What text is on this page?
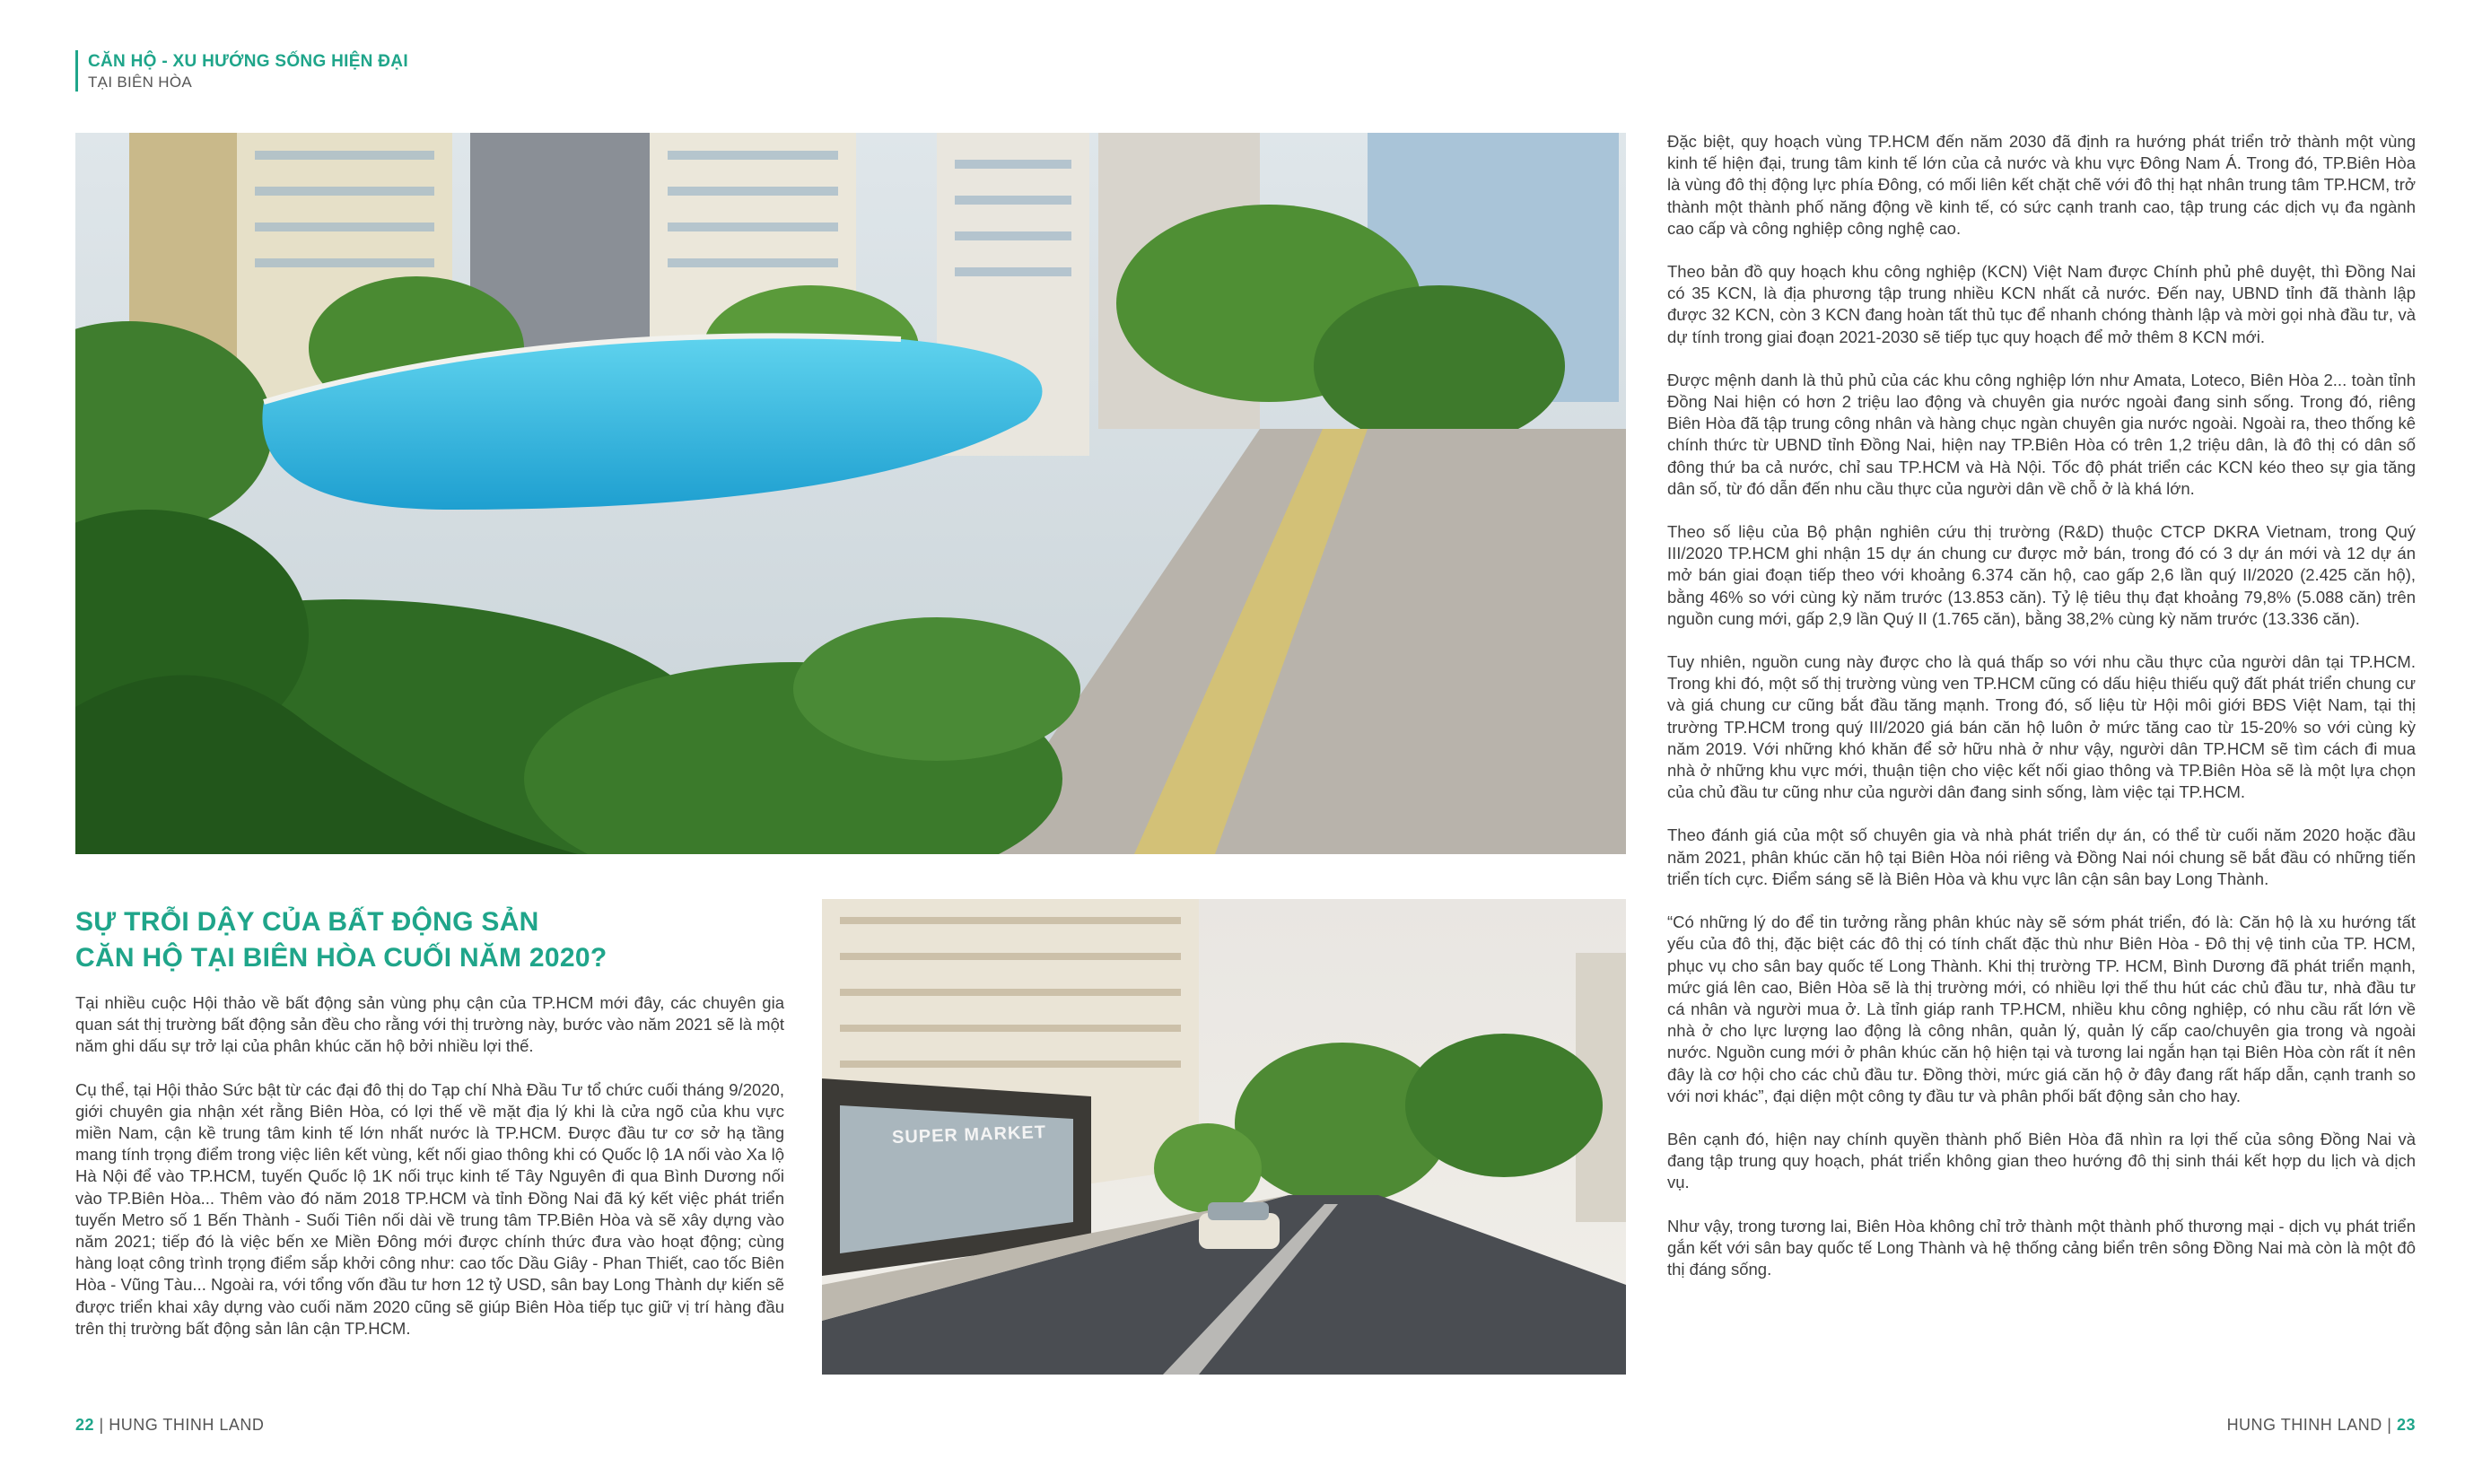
CĂN HỘ - XU HƯỚNG SỐNG HIỆN ĐẠI
TẠI BIÊN HÒA
SUPER MARKET
SỰ TRỖI DẬY CỦA BẤT ĐỘNG SẢN
CĂN HỘ TẠI BIÊN HÒA CUỐI NĂM 2020?

Tại nhiều cuộc Hội thảo về bất động sản vùng phụ cận của TP.HCM mới đây, các chuyên gia quan sát thị trường bất động sản đều cho rằng với thị trường này, bước vào năm 2021 sẽ là một năm ghi dấu sự trở lại của phân khúc căn hộ bởi nhiều lợi thế.

Cụ thể, tại Hội thảo Sức bật từ các đại đô thị do Tạp chí Nhà Đầu Tư tổ chức cuối tháng 9/2020, giới chuyên gia nhận xét rằng Biên Hòa, có lợi thế về mặt địa lý khi là cửa ngõ của khu vực miền Nam, cận kề trung tâm kinh tế lớn nhất nước là TP.HCM. Được đầu tư cơ sở hạ tầng mang tính trọng điểm trong việc liên kết vùng, kết nối giao thông khi có Quốc lộ 1A nối vào Xa lộ Hà Nội để vào TP.HCM, tuyến Quốc lộ 1K nối trục kinh tế Tây Nguyên đi qua Bình Dương nối vào TP.Biên Hòa... Thêm vào đó năm 2018 TP.HCM và tỉnh Đồng Nai đã ký kết việc phát triển tuyến Metro số 1 Bến Thành - Suối Tiên nối dài về trung tâm TP.Biên Hòa và sẽ xây dựng vào năm 2021; tiếp đó là việc bến xe Miền Đông mới được chính thức đưa vào hoạt động; cùng hàng loạt công trình trọng điểm sắp khởi công như: cao tốc Dầu Giây - Phan Thiết, cao tốc Biên Hòa - Vũng Tàu... Ngoài ra, với tổng vốn đầu tư hơn 12 tỷ USD, sân bay Long Thành dự kiến sẽ được triển khai xây dựng vào cuối năm 2020 cũng sẽ giúp Biên Hòa tiếp tục giữ vị trí hàng đầu trên thị trường bất động sản lân cận TP.HCM.

Đặc biệt, quy hoạch vùng TP.HCM đến năm 2030 đã định ra hướng phát triển trở thành một vùng kinh tế hiện đại, trung tâm kinh tế lớn của cả nước và khu vực Đông Nam Á. Trong đó, TP.Biên Hòa là vùng đô thị động lực phía Đông, có mối liên kết chặt chẽ với đô thị hạt nhân trung tâm TP.HCM, trở thành một thành phố năng động về kinh tế, có sức cạnh tranh cao, tập trung các dịch vụ đa ngành cao cấp và công nghiệp công nghệ cao.

Theo bản đồ quy hoạch khu công nghiệp (KCN) Việt Nam được Chính phủ phê duyệt, thì Đồng Nai có 35 KCN, là địa phương tập trung nhiều KCN nhất cả nước. Đến nay, UBND tỉnh đã thành lập được 32 KCN, còn 3 KCN đang hoàn tất thủ tục để nhanh chóng thành lập và mời gọi nhà đầu tư, và dự tính trong giai đoạn 2021-2030 sẽ tiếp tục quy hoạch để mở thêm 8 KCN mới.

Được mệnh danh là thủ phủ của các khu công nghiệp lớn như Amata, Loteco, Biên Hòa 2... toàn tỉnh Đồng Nai hiện có hơn 2 triệu lao động và chuyên gia nước ngoài đang sinh sống. Trong đó, riêng Biên Hòa đã tập trung công nhân và hàng chục ngàn chuyên gia nước ngoài. Ngoài ra, theo thống kê chính thức từ UBND tỉnh Đồng Nai, hiện nay TP.Biên Hòa có trên 1,2 triệu dân, là đô thị có dân số đông thứ ba cả nước, chỉ sau TP.HCM và Hà Nội. Tốc độ phát triển các KCN kéo theo sự gia tăng dân số, từ đó dẫn đến nhu cầu thực của người dân về chỗ ở là khá lớn.

Theo số liệu của Bộ phận nghiên cứu thị trường (R&D) thuộc CTCP DKRA Vietnam, trong Quý III/2020 TP.HCM ghi nhận 15 dự án chung cư được mở bán, trong đó có 3 dự án mới và 12 dự án mở bán giai đoạn tiếp theo với khoảng 6.374 căn hộ, cao gấp 2,6 lần quý II/2020 (2.425 căn hộ), bằng 46% so với cùng kỳ năm trước (13.853 căn). Tỷ lệ tiêu thụ đạt khoảng 79,8% (5.088 căn) trên nguồn cung mới, gấp 2,9 lần Quý II (1.765 căn), bằng 38,2% cùng kỳ năm trước (13.336 căn).

Tuy nhiên, nguồn cung này được cho là quá thấp so với nhu cầu thực của người dân tại TP.HCM. Trong khi đó, một số thị trường vùng ven TP.HCM cũng có dấu hiệu thiếu quỹ đất phát triển chung cư và giá chung cư cũng bắt đầu tăng mạnh. Trong đó, số liệu từ Hội môi giới BĐS Việt Nam, tại thị trường TP.HCM trong quý III/2020 giá bán căn hộ luôn ở mức tăng cao từ 15-20% so với cùng kỳ năm 2019. Với những khó khăn để sở hữu nhà ở như vậy, người dân TP.HCM sẽ tìm cách đi mua nhà ở những khu vực mới, thuận tiện cho việc kết nối giao thông và TP.Biên Hòa sẽ là một lựa chọn của chủ đầu tư cũng như của người dân đang sinh sống, làm việc tại TP.HCM.

Theo đánh giá của một số chuyên gia và nhà phát triển dự án, có thể từ cuối năm 2020 hoặc đầu năm 2021, phân khúc căn hộ tại Biên Hòa nói riêng và Đồng Nai nói chung sẽ bắt đầu có những tiến triển tích cực. Điểm sáng sẽ là Biên Hòa và khu vực lân cận sân bay Long Thành.

“Có những lý do để tin tưởng rằng phân khúc này sẽ sớm phát triển, đó là: Căn hộ là xu hướng tất yếu của đô thị, đặc biệt các đô thị có tính chất đặc thù như Biên Hòa - Đô thị vệ tinh của TP. HCM, phục vụ cho sân bay quốc tế Long Thành. Khi thị trường TP. HCM, Bình Dương đã phát triển mạnh, mức giá lên cao, Biên Hòa sẽ là thị trường mới, có nhiều lợi thế thu hút các chủ đầu tư, nhà đầu tư cá nhân và người mua ở. Là tỉnh giáp ranh TP.HCM, nhiều khu công nghiệp, có nhu cầu rất lớn về nhà ở cho lực lượng lao động là công nhân, quản lý, quản lý cấp cao/chuyên gia trong và ngoài nước. Nguồn cung mới ở phân khúc căn hộ hiện tại và tương lai ngắn hạn tại Biên Hòa còn rất ít nên đây là cơ hội cho các chủ đầu tư. Đồng thời, mức giá căn hộ ở đây đang rất hấp dẫn, cạnh tranh so với nơi khác”, đại diện một công ty đầu tư và phân phối bất động sản cho hay.

Bên cạnh đó, hiện nay chính quyền thành phố Biên Hòa đã nhìn ra lợi thế của sông Đồng Nai và đang tập trung quy hoạch, phát triển không gian theo hướng đô thị sinh thái kết hợp du lịch và dịch vụ.

Như vậy, trong tương lai, Biên Hòa không chỉ trở thành một thành phố thương mại - dịch vụ phát triển gắn kết với sân bay quốc tế Long Thành và hệ thống cảng biển trên sông Đồng Nai mà còn là một đô thị đáng sống.

22 | HUNG THINH LAND	HUNG THINH LAND | 23
